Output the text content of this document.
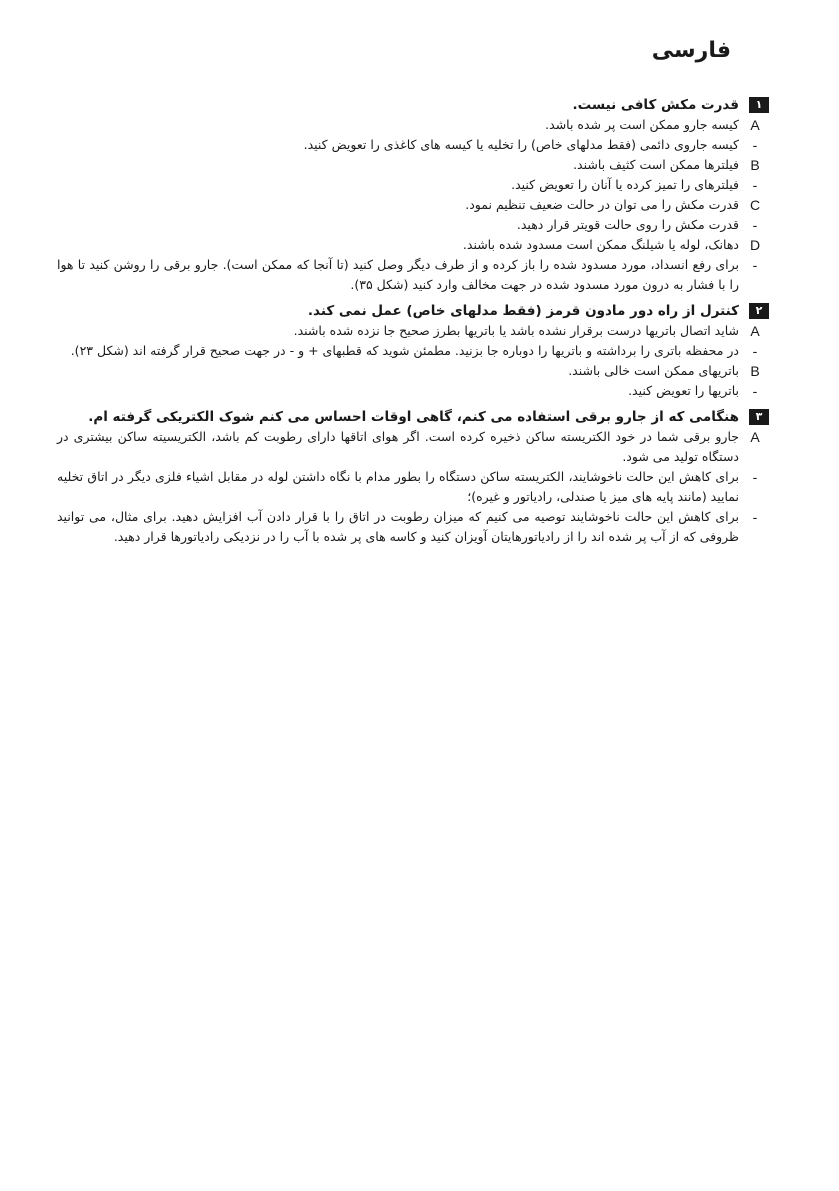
فارسی
۱
قدرت مکش کافی نیست.
A
کیسه جارو ممکن است پر شده باشد.
-
کیسه جاروی دائمی (فقط مدلهای خاص) را تخلیه یا کیسه های کاغذی را تعویض کنید.
B
فیلترها ممکن است کثیف باشند.
-
فیلترهای را تمیز کرده یا آنان را تعویض کنید.
C
قدرت مکش را می توان در حالت ضعیف تنظیم نمود.
-
قدرت مکش را روی حالت قویتر قرار دهید.
D
دهانک، لوله یا شیلنگ ممکن است مسدود شده باشند.
-
برای رفع انسداد، مورد مسدود شده را باز کرده و از طرف دیگر وصل کنید (تا آنجا که ممکن است). جارو برقی را روشن کنید تا هوا را با فشار به درون مورد مسدود شده در جهت مخالف وارد کنید (شکل ۳۵).
۲
کنترل از راه دور مادون قرمز (فقط مدلهای خاص) عمل نمی کند.
A
شاید اتصال باتریها درست برقرار نشده باشد یا باتریها بطرز صحیح جا نزده شده باشند.
-
در محفظه باتری را برداشته و باتریها را دوباره جا بزنید. مطمئن شوید که قطبهای + و - در جهت صحیح قرار گرفته اند (شکل ۲۳).
B
باتریهای ممکن است خالی باشند.
-
باتریها را تعویض کنید.
۳
هنگامی که از جارو برقی استفاده می کنم، گاهی اوقات احساس می کنم شوک الکتریکی گرفته ام.
A
جارو برقی شما در خود الکتریسته ساکن ذخیره کرده است. اگر هوای اتاقها دارای رطوبت کم باشد، الکتریسیته ساکن بیشتری در دستگاه تولید می شود.
-
برای کاهش این حالت ناخوشایند، الکتریسته ساکن دستگاه را بطور مدام با نگاه داشتن لوله در مقابل اشیاء فلزی دیگر در اتاق تخلیه نمایید (مانند پایه های میز یا صندلی، رادیاتور و غیره)؛
-
برای کاهش این حالت ناخوشایند توصیه می کنیم که میزان رطوبت در اتاق را با قرار دادن آب افزایش دهید. برای مثال، می توانید ظروفی که از آب پر شده اند را از رادیاتورهایتان آویزان کنید و کاسه های پر شده با آب را در نزدیکی رادیاتورها قرار دهید.
